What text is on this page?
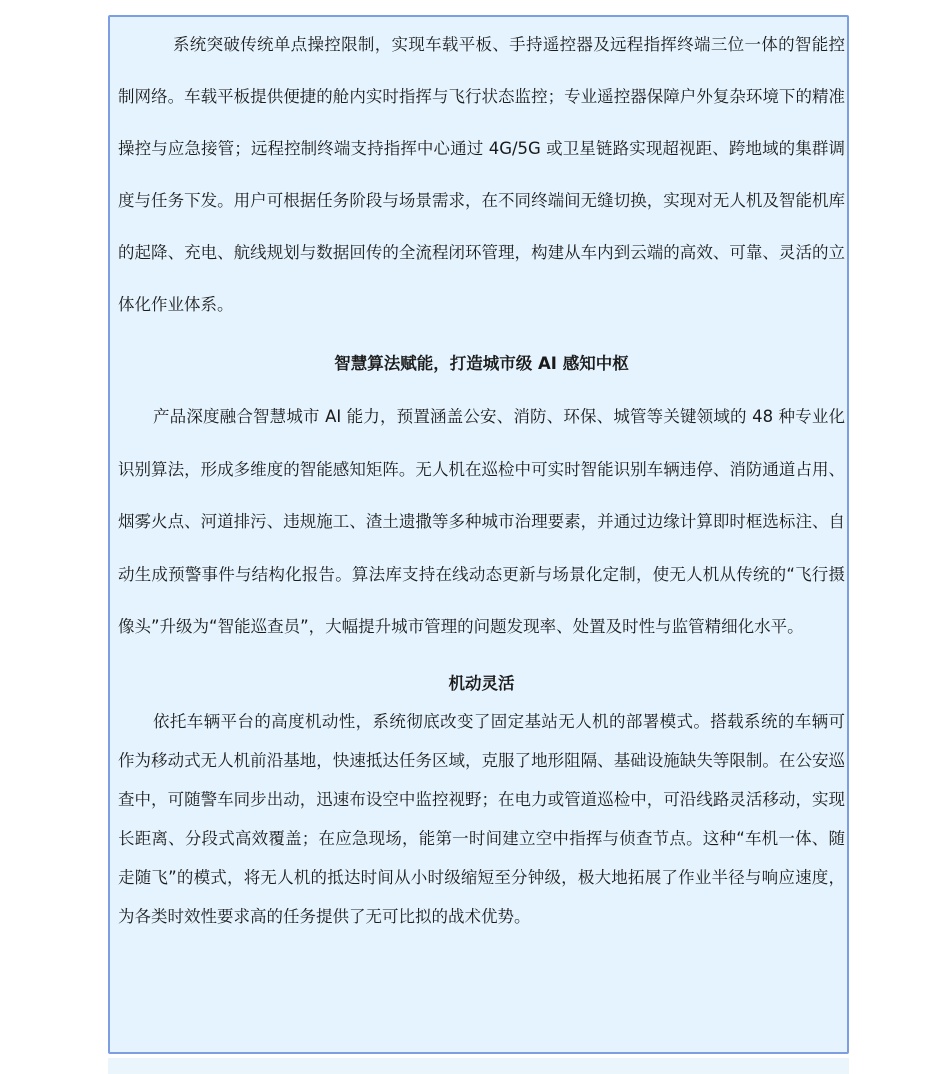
系统突破传统单点操控限制，实现车载平板、手持遥控器及远程指挥终端三位一体的智能控制网络。车载平板提供便捷的舱内实时指挥与飞行状态监控；专业遥控器保障户外复杂环境下的精准操控与应急接管；远程控制终端支持指挥中心通过 4G/5G 或卫星链路实现超视距、跨地域的集群调度与任务下发。用户可根据任务阶段与场景需求，在不同终端间无缝切换，实现对无人机及智能机库的起降、充电、航线规划与数据回传的全流程闭环管理，构建从车内到云端的高效、可靠、灵活的立体化作业体系。

智慧算法赋能，打造城市级 AI 感知中枢

产品深度融合智慧城市 AI 能力，预置涵盖公安、消防、环保、城管等关键领域的 48 种专业化识别算法，形成多维度的智能感知矩阵。无人机在巡检中可实时智能识别车辆违停、消防通道占用、烟雾火点、河道排污、违规施工、渣土遗撒等多种城市治理要素，并通过边缘计算即时框选标注、自动生成预警事件与结构化报告。算法库支持在线动态更新与场景化定制，使无人机从传统的“飞行摄像头”升级为“智能巡查员”，大幅提升城市管理的问题发现率、处置及时性与监管精细化水平。

机动灵活

依托车辆平台的高度机动性，系统彻底改变了固定基站无人机的部署模式。搭载系统的车辆可作为移动式无人机前沿基地，快速抵达任务区域，克服了地形阻隔、基础设施缺失等限制。在公安巡查中，可随警车同步出动，迅速布设空中监控视野；在电力或管道巡检中，可沿线路灵活移动，实现长距离、分段式高效覆盖；在应急现场，能第一时间建立空中指挥与侦查节点。这种“车机一体、随走随飞”的模式，将无人机的抵达时间从小时级缩短至分钟级，极大地拓展了作业半径与响应速度，为各类时效性要求高的任务提供了无可比拟的战术优势。
